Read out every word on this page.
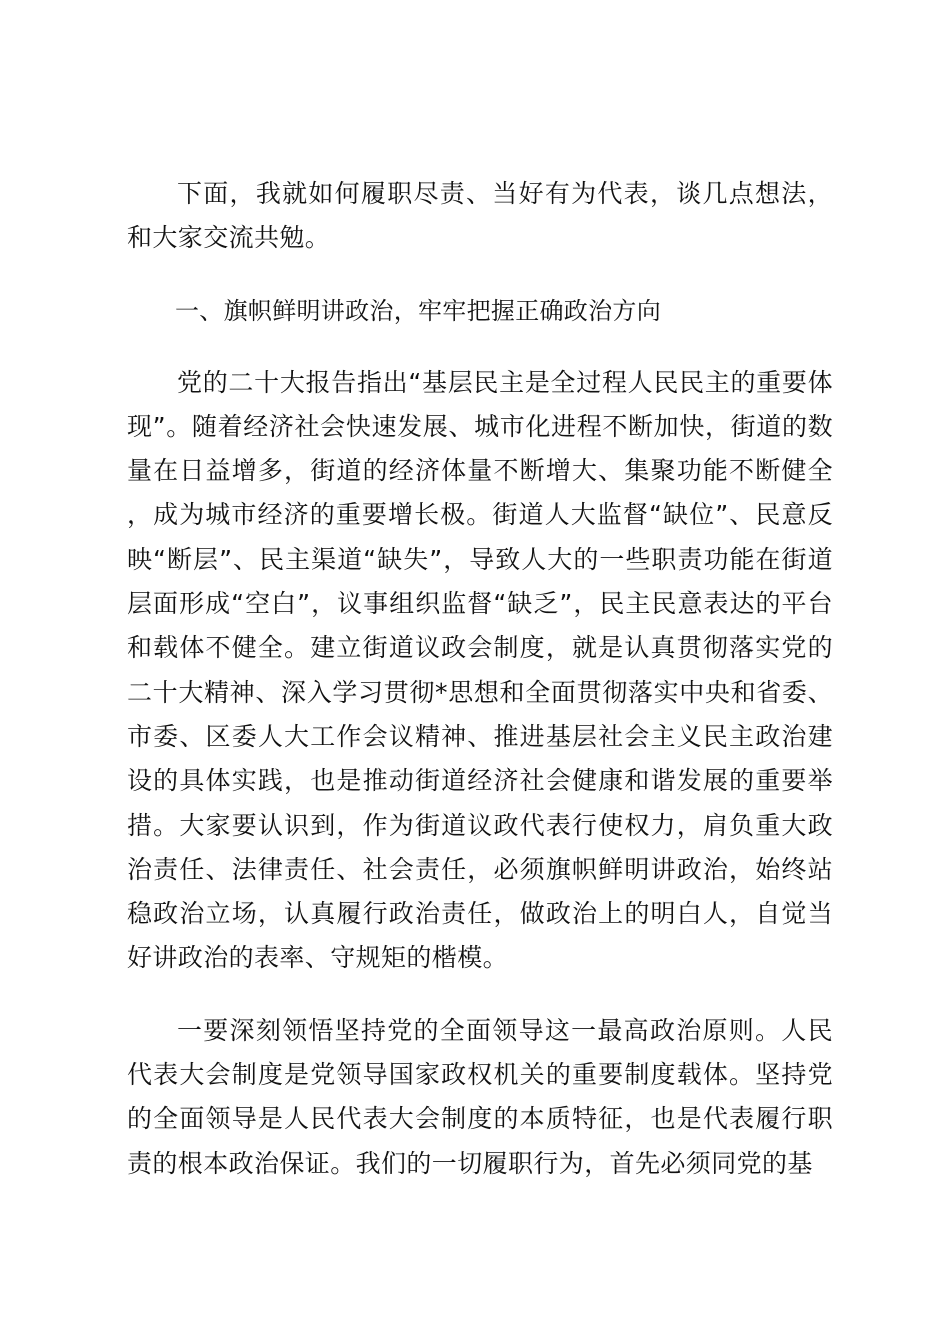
下面，我就如何履职尽责、当好有为代表，谈几点想法，和大家交流共勉。

一、旗帜鲜明讲政治，牢牢把握正确政治方向

党的二十大报告指出“基层民主是全过程人民民主的重要体现”。随着经济社会快速发展、城市化进程不断加快，街道的数量在日益增多，街道的经济体量不断增大、集聚功能不断健全，成为城市经济的重要增长极。街道人大监督“缺位”、民意反映“断层”、民主渠道“缺失”，导致人大的一些职责功能在街道层面形成“空白”，议事组织监督“缺乏”，民主民意表达的平台和载体不健全。建立街道议政会制度，就是认真贯彻落实党的二十大精神、深入学习贯彻*思想和全面贯彻落实中央和省委、市委、区委人大工作会议精神、推进基层社会主义民主政治建设的具体实践，也是推动街道经济社会健康和谐发展的重要举措。大家要认识到，作为街道议政代表行使权力，肩负重大政治责任、法律责任、社会责任，必须旗帜鲜明讲政治，始终站稳政治立场，认真履行政治责任，做政治上的明白人，自觉当好讲政治的表率、守规矩的楷模。

一要深刻领悟坚持党的全面领导这一最高政治原则。人民代表大会制度是党领导国家政权机关的重要制度载体。坚持党的全面领导是人民代表大会制度的本质特征，也是代表履行职责的根本政治保证。我们的一切履职行为，首先必须同党的基
